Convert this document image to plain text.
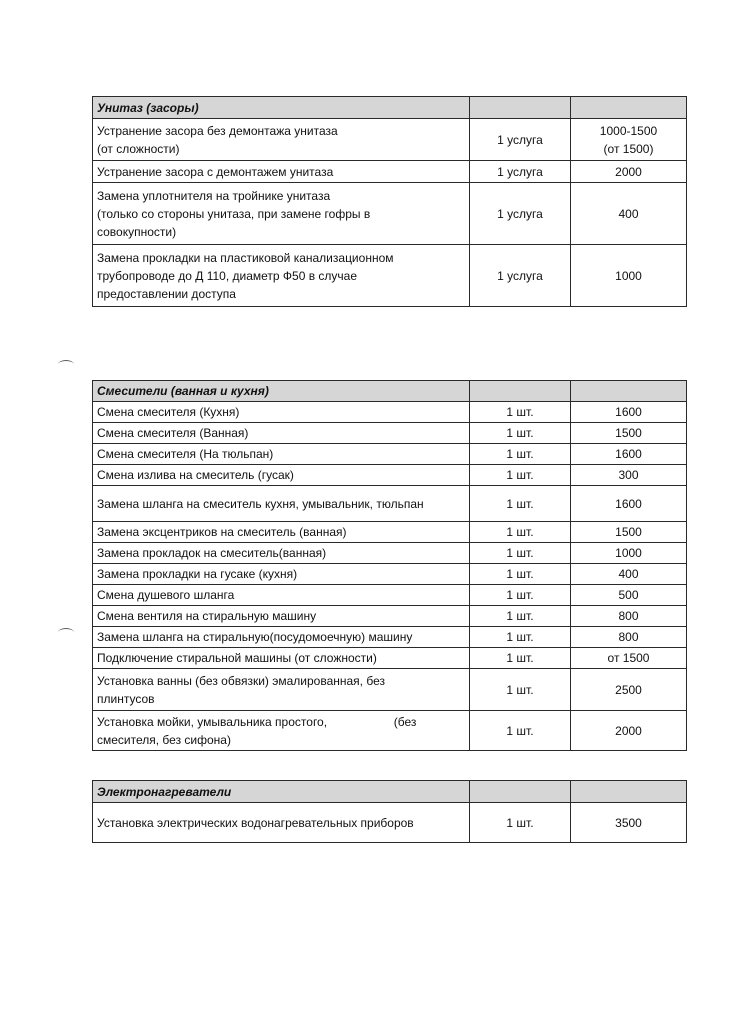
Унитаз (засоры)		
Устранение засора без демонтажа унитаза
(от сложности)	1 услуга	1000-1500
(от 1500)
Устранение засора с демонтажем унитаза	1 услуга	2000
Замена уплотнителя на тройнике унитаза
(только со стороны унитаза, при замене гофры в
совокупности)	1 услуга	400
Замена прокладки на пластиковой канализационном
трубопроводе до Д 110, диаметр Ф50 в случае
предоставлении доступа	1 услуга	1000
Смесители (ванная и кухня)		
Смена смесителя (Кухня)	1 шт.	1600
Смена смесителя (Ванная)	1 шт.	1500
Смена смесителя (На тюльпан)	1 шт.	1600
Смена излива на смеситель (гусак)	1 шт.	300
Замена шланга на смеситель кухня, умывальник, тюльпан	1 шт.	1600
Замена эксцентриков на смеситель (ванная)	1 шт.	1500
Замена прокладок на смеситель(ванная)	1 шт.	1000
Замена прокладки на гусаке (кухня)	1 шт.	400
Смена душевого шланга	1 шт.	500
Смена вентиля на стиральную машину	1 шт.	800
Замена шланга на стиральную(посудомоечную) машину	1 шт.	800
Подключение стиральной машины (от сложности)	1 шт.	от 1500
Установка ванны (без обвязки) эмалированная, без
плинтусов	1 шт.	2500
Установка мойки, умывальника простого,                    (без
смесителя, без сифона)	1 шт.	2000
Электронагреватели		
Установка электрических водонагревательных приборов	1 шт.	3500
